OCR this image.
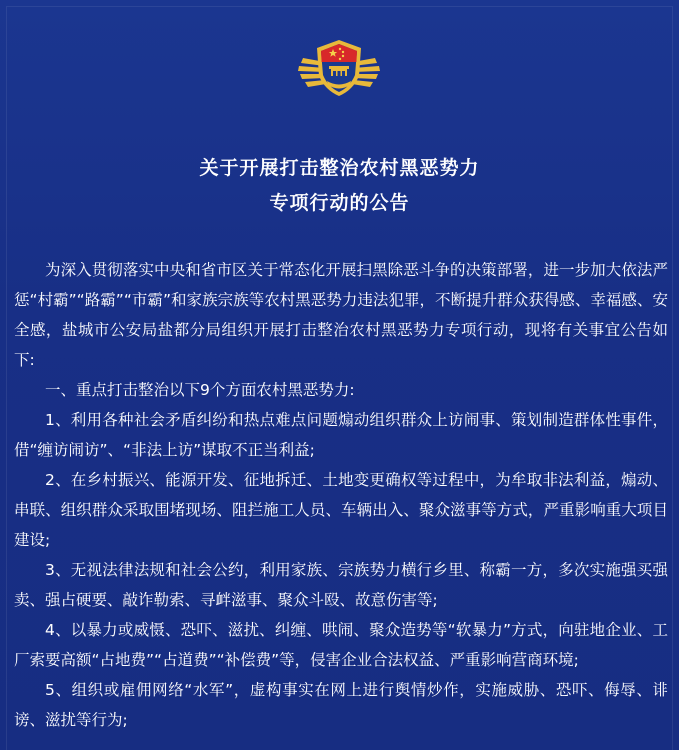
关于开展打击整治农村黑恶势力
专项行动的公告

为深入贯彻落实中央和省市区关于常态化开展扫黑除恶斗争的决策部署，进一步加大依法严惩“村霸”“路霸”“市霸”和家族宗族等农村黑恶势力违法犯罪，不断提升群众获得感、幸福感、安全感，盐城市公安局盐都分局组织开展打击整治农村黑恶势力专项行动，现将有关事宜公告如下:

一、重点打击整治以下9个方面农村黑恶势力:

1、利用各种社会矛盾纠纷和热点难点问题煽动组织群众上访闹事、策划制造群体性事件，借“缠访闹访”、“非法上访”谋取不正当利益;

2、在乡村振兴、能源开发、征地拆迁、土地变更确权等过程中，为牟取非法利益，煽动、串联、组织群众采取围堵现场、阻拦施工人员、车辆出入、聚众滋事等方式，严重影响重大项目建设;

3、无视法律法规和社会公约，利用家族、宗族势力横行乡里、称霸一方，多次实施强买强卖、强占硬要、敲诈勒索、寻衅滋事、聚众斗殴、故意伤害等;

4、以暴力或威慑、恐吓、滋扰、纠缠、哄闹、聚众造势等“软暴力”方式，向驻地企业、工厂索要高额“占地费”“占道费”“补偿费”等，侵害企业合法权益、严重影响营商环境;

5、组织或雇佣网络“水军”，虚构事实在网上进行舆情炒作，实施威胁、恐吓、侮辱、诽谤、滋扰等行为;
